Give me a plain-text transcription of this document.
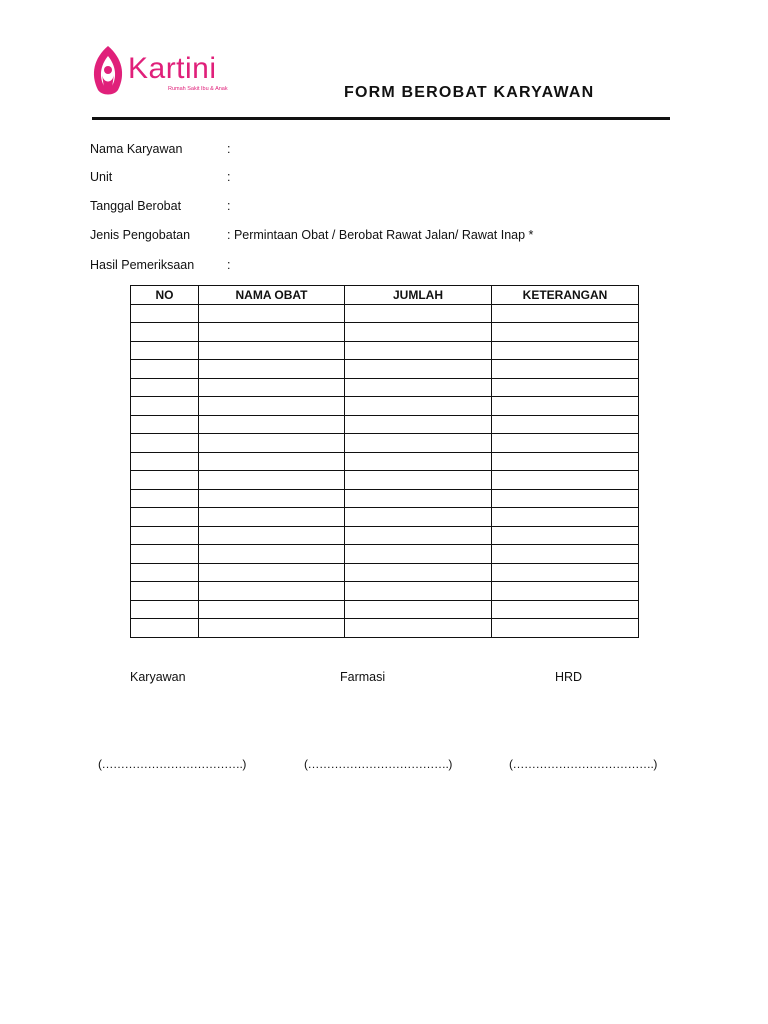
Kartini
Rumah Sakit Ibu & Anak	FORM BEROBAT KARYAWAN
Nama Karyawan	:
Unit	:
Tanggal Berobat	:
Jenis Pengobatan	: Permintaan Obat / Berobat Rawat Jalan/ Rawat Inap *
Hasil Pemeriksaan	:
NO	NAMA OBAT	JUMLAH	KETERANGAN

Karyawan	Farmasi	HRD
(……………………………….)	(……………………………….)	(……………………………….)
